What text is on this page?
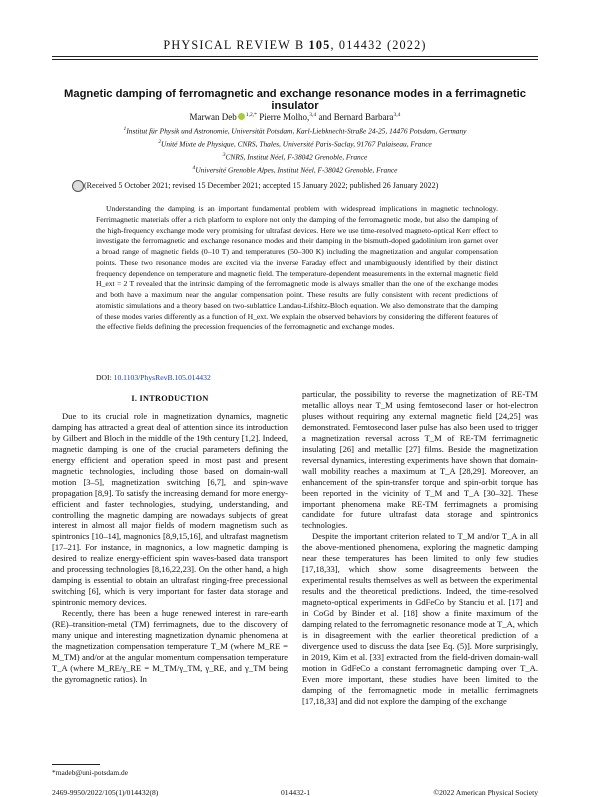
PHYSICAL REVIEW B 105, 014432 (2022)
Magnetic damping of ferromagnetic and exchange resonance modes in a ferrimagnetic insulator
Marwan Deb $^{1,2,*}$ Pierre Molho,$^{3,4}$ and Bernard Barbara$^{3,4}$
$^1$Institut für Physik und Astronomie, Universität Potsdam, Karl-Liebknecht-Straße 24-25, 14476 Potsdam, Germany
$^2$Unité Mixte de Physique, CNRS, Thales, Université Paris-Saclay, 91767 Palaiseau, France
$^3$CNRS, Institut Néel, F-38042 Grenoble, France
$^4$Université Grenoble Alpes, Institut Néel, F-38042 Grenoble, France
(Received 5 October 2021; revised 15 December 2021; accepted 15 January 2022; published 26 January 2022)

Understanding the damping is an important fundamental problem with widespread implications in magnetic technology. Ferrimagnetic materials offer a rich platform to explore not only the damping of the ferromagnetic mode, but also the damping of the high-frequency exchange mode very promising for ultrafast devices. Here we use time-resolved magneto-optical Kerr effect to investigate the ferromagnetic and exchange resonance modes and their damping in the bismuth-doped gadolinium iron garnet over a broad range of magnetic fields (0–10 T) and temperatures (50–300 K) including the magnetization and angular compensation points. These two resonance modes are excited via the inverse Faraday effect and unambiguously identified by their distinct frequency dependence on temperature and magnetic field. The temperature-dependent measurements in the external magnetic field H_ext = 2 T revealed that the intrinsic damping of the ferromagnetic mode is always smaller than the one of the exchange modes and both have a maximum near the angular compensation point. These results are fully consistent with recent predictions of atomistic simulations and a theory based on two-sublattice Landau-Lifshitz-Bloch equation. We also demonstrate that the damping of these modes varies differently as a function of H_ext. We explain the observed behaviors by considering the different features of the effective fields defining the precession frequencies of the ferromagnetic and exchange modes.

DOI: 10.1103/PhysRevB.105.014432
I. INTRODUCTION

Due to its crucial role in magnetization dynamics, magnetic damping has attracted a great deal of attention since its introduction by Gilbert and Bloch in the middle of the 19th century [1,2]. Indeed, magnetic damping is one of the crucial parameters defining the energy efficient and operation speed in most past and present magnetic technologies, including those based on domain-wall motion [3–5], magnetization switching [6,7], and spin-wave propagation [8,9]. To satisfy the increasing demand for more energy-efficient and faster technologies, studying, understanding, and controlling the magnetic damping are nowadays subjects of great interest in almost all major fields of modern magnetism such as spintronics [10–14], magnonics [8,9,15,16], and ultrafast magnetism [17–21]. For instance, in magnonics, a low magnetic damping is desired to realize energy-efficient spin waves-based data transport and processing technologies [8,16,22,23]. On the other hand, a high damping is essential to obtain an ultrafast ringing-free precessional switching [6], which is very important for faster data storage and spintronic memory devices.

Recently, there has been a huge renewed interest in rare-earth (RE)–transition-metal (TM) ferrimagnets, due to the discovery of many unique and interesting magnetization dynamic phenomena at the magnetization compensation temperature T_M (where M_RE = M_TM) and/or at the angular momentum compensation temperature T_A (where M_RE/γ_RE = M_TM/γ_TM, γ_RE, and γ_TM being the gyromagnetic ratios). In

particular, the possibility to reverse the magnetization of RE-TM metallic alloys near T_M using femtosecond laser or hot-electron pluses without requiring any external magnetic field [24,25] was demonstrated. Femtosecond laser pulse has also been used to trigger a magnetization reversal across T_M of RE-TM ferrimagnetic insulating [26] and metallic [27] films. Beside the magnetization reversal dynamics, interesting experiments have shown that domain-wall mobility reaches a maximum at T_A [28,29]. Moreover, an enhancement of the spin-transfer torque and spin-orbit torque has been reported in the vicinity of T_M and T_A [30–32]. These important phenomena make RE-TM ferrimagnets a promising candidate for future ultrafast data storage and spintronics technologies.

Despite the important criterion related to T_M and/or T_A in all the above-mentioned phenomena, exploring the magnetic damping near these temperatures has been limited to only few studies [17,18,33], which show some disagreements between the experimental results themselves as well as between the experimental results and the theoretical predictions. Indeed, the time-resolved magneto-optical experiments in GdFeCo by Stanciu et al. [17] and in CoGd by Binder et al. [18] show a finite maximum of the damping related to the ferromagnetic resonance mode at T_A, which is in disagreement with the earlier theoretical prediction of a divergence used to discuss the data [see Eq. (5)]. More surprisingly, in 2019, Kim et al. [33] extracted from the field-driven domain-wall motion in GdFeCo a constant ferromagnetic damping over T_A. Even more important, these studies have been limited to the damping of the ferromagnetic mode in metallic ferrimagnets [17,18,33] and did not explore the damping of the exchange

*madeb@uni-potsdam.de
2469-9950/2022/105(1)/014432(8)	014432-1	©2022 American Physical Society
